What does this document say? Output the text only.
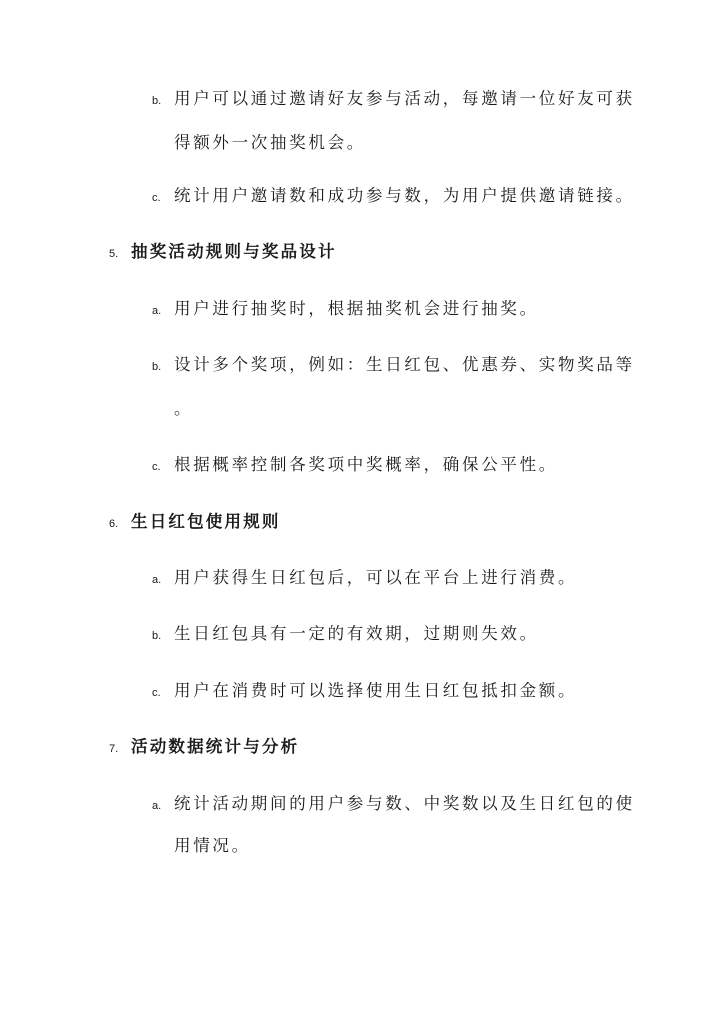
b. 用户可以通过邀请好友参与活动，每邀请一位好友可获
得额外一次抽奖机会。
c. 统计用户邀请数和成功参与数，为用户提供邀请链接。
5. 抽奖活动规则与奖品设计
a. 用户进行抽奖时，根据抽奖机会进行抽奖。
b. 设计多个奖项，例如：生日红包、优惠券、实物奖品等
。
c. 根据概率控制各奖项中奖概率，确保公平性。
6. 生日红包使用规则
a. 用户获得生日红包后，可以在平台上进行消费。
b. 生日红包具有一定的有效期，过期则失效。
c. 用户在消费时可以选择使用生日红包抵扣金额。
7. 活动数据统计与分析
a. 统计活动期间的用户参与数、中奖数以及生日红包的使
用情况。
